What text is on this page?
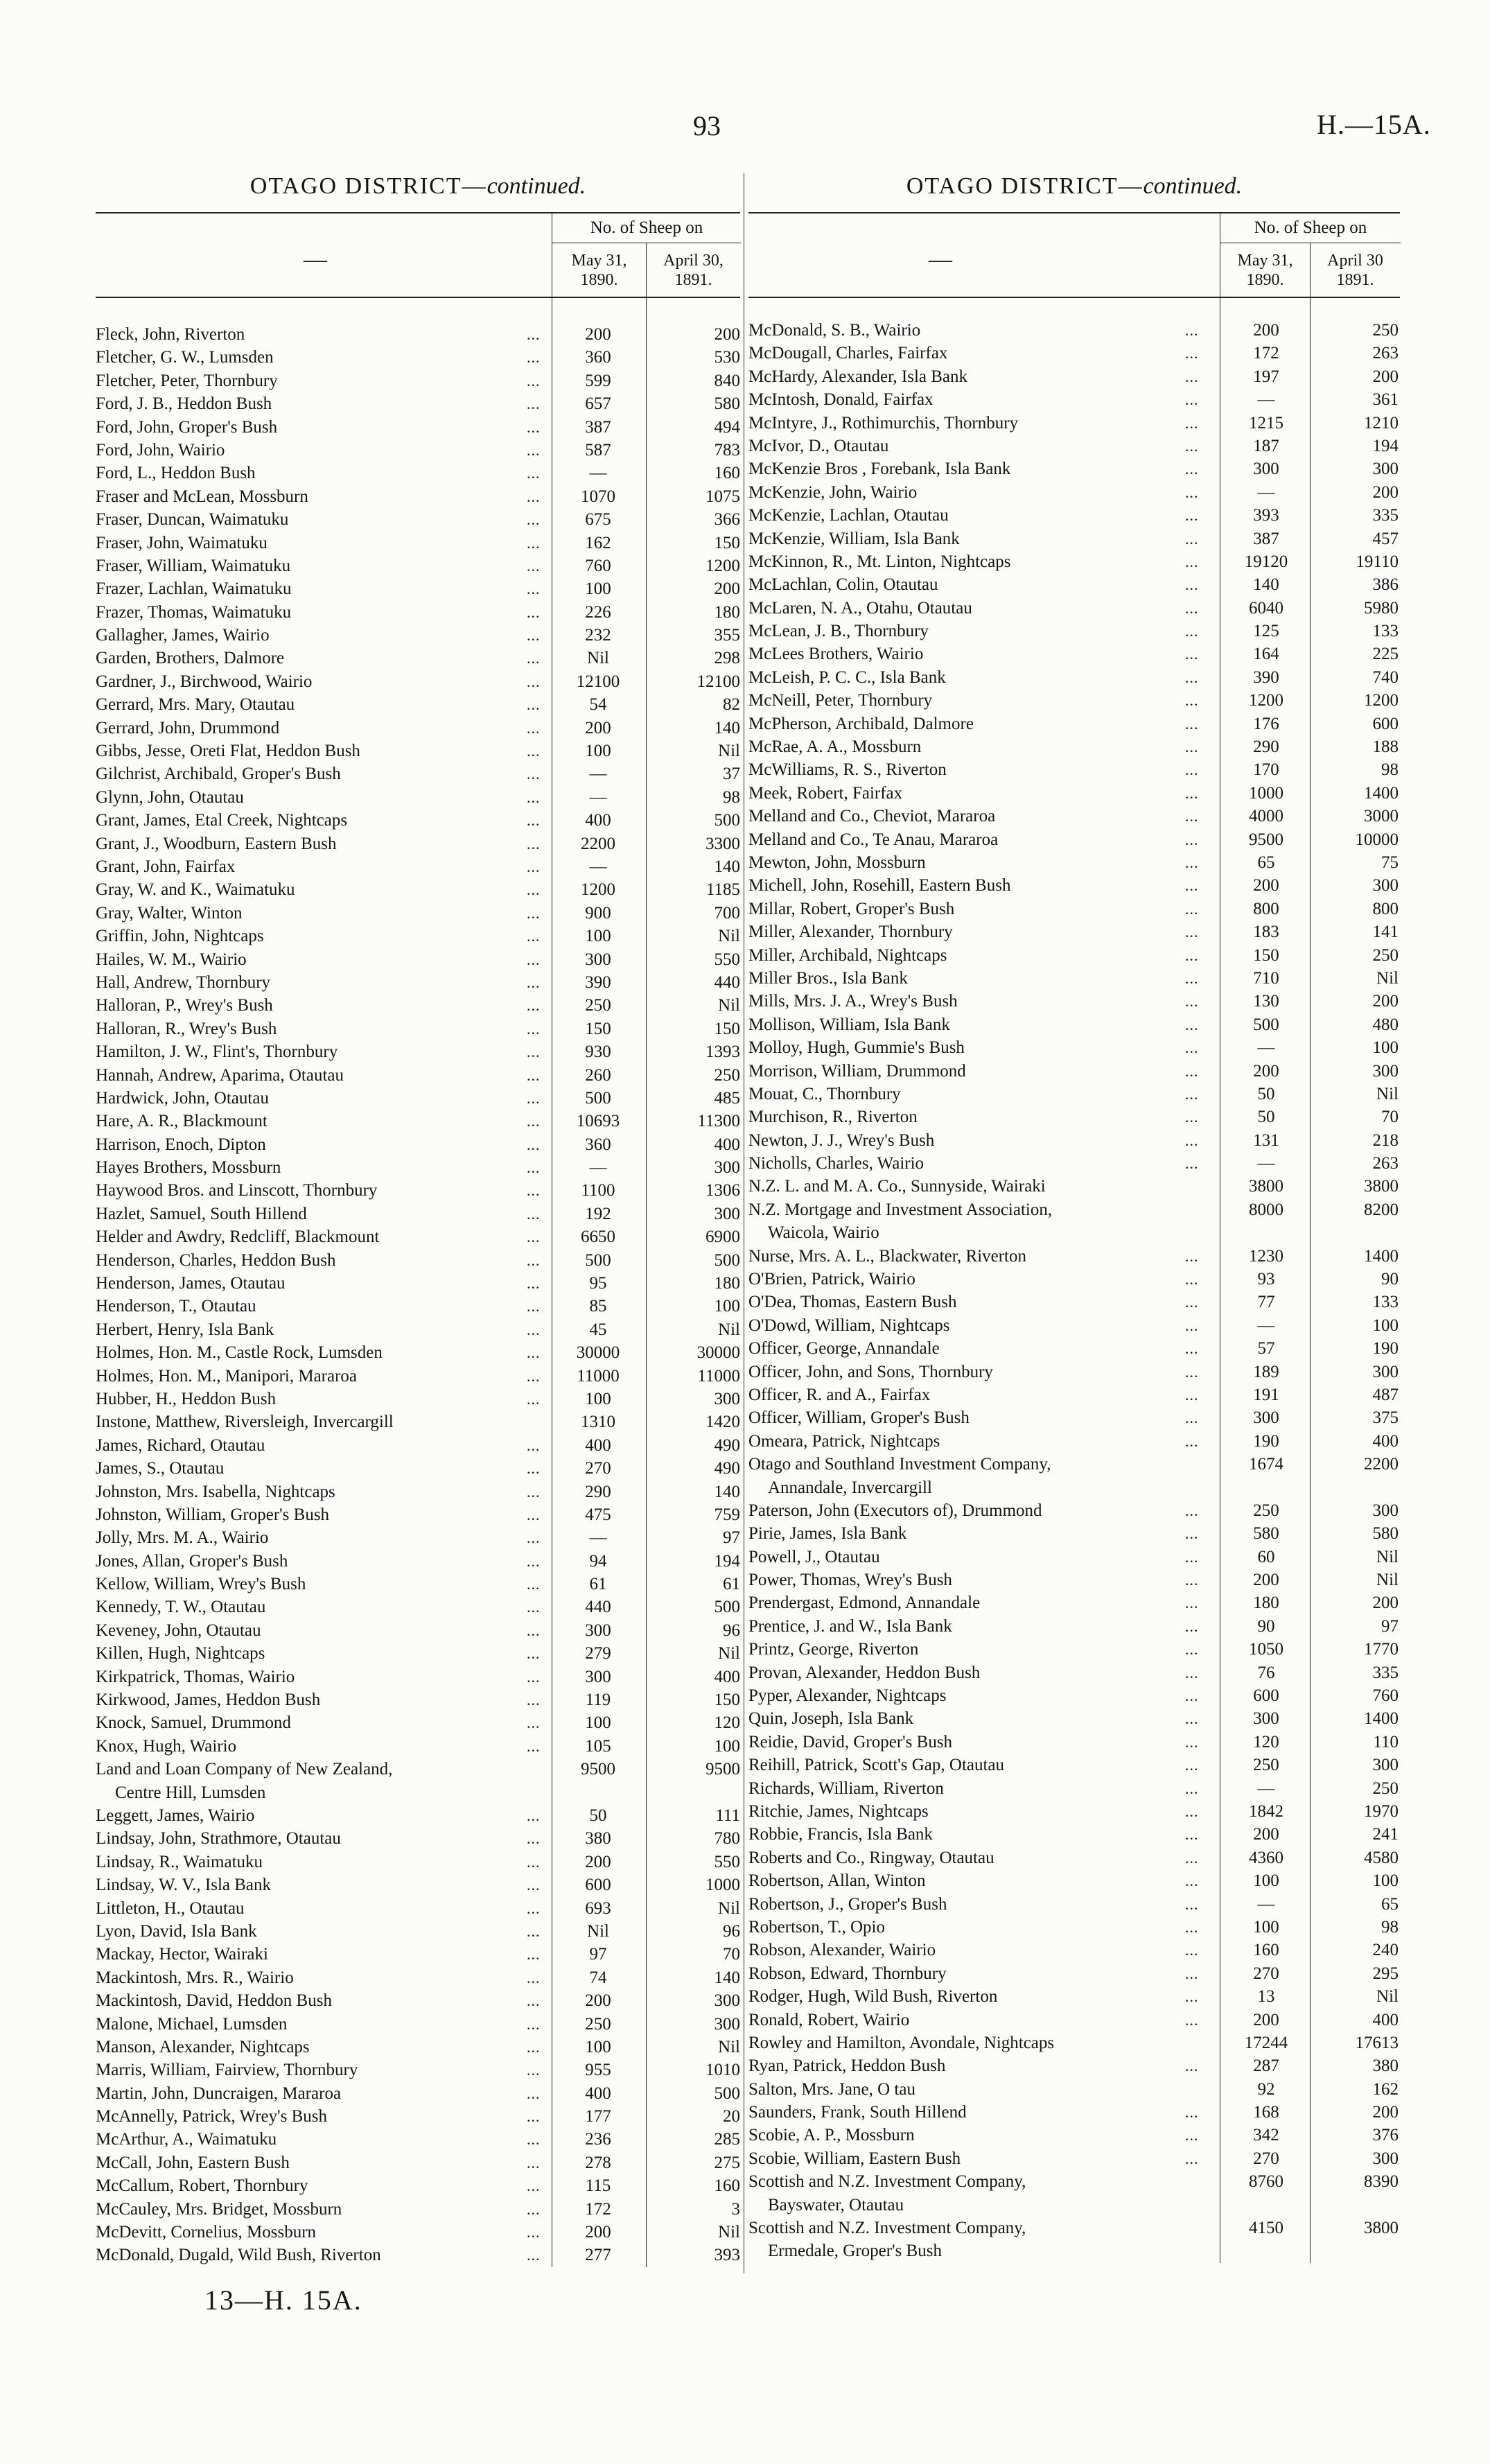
93	H.—15A.
OTAGO DISTRICT—continued.
—
No. of Sheep on
May 31,
1890.
April 30,
1891.
Fleck, John, Riverton	...	200	200
Fletcher, G. W., Lumsden	...	360	530
Fletcher, Peter, Thornbury	...	599	840
Ford, J. B., Heddon Bush	...	657	580
Ford, John, Groper's Bush	...	387	494
Ford, John, Wairio	...	587	783
Ford, L., Heddon Bush	...	—	160
Fraser and McLean, Mossburn	...	1070	1075
Fraser, Duncan, Waimatuku	...	675	366
Fraser, John, Waimatuku	...	162	150
Fraser, William, Waimatuku	...	760	1200
Frazer, Lachlan, Waimatuku	...	100	200
Frazer, Thomas, Waimatuku	...	226	180
Gallagher, James, Wairio	...	232	355
Garden, Brothers, Dalmore	...	Nil	298
Gardner, J., Birchwood, Wairio	...	12100	12100
Gerrard, Mrs. Mary, Otautau	...	54	82
Gerrard, John, Drummond	...	200	140
Gibbs, Jesse, Oreti Flat, Heddon Bush	...	100	Nil
Gilchrist, Archibald, Groper's Bush	...	—	37
Glynn, John, Otautau	...	—	98
Grant, James, Etal Creek, Nightcaps	...	400	500
Grant, J., Woodburn, Eastern Bush	...	2200	3300
Grant, John, Fairfax	...	—	140
Gray, W. and K., Waimatuku	...	1200	1185
Gray, Walter, Winton	...	900	700
Griffin, John, Nightcaps	...	100	Nil
Hailes, W. M., Wairio	...	300	550
Hall, Andrew, Thornbury	...	390	440
Halloran, P., Wrey's Bush	...	250	Nil
Halloran, R., Wrey's Bush	...	150	150
Hamilton, J. W., Flint's, Thornbury	...	930	1393
Hannah, Andrew, Aparima, Otautau	...	260	250
Hardwick, John, Otautau	...	500	485
Hare, A. R., Blackmount	...	10693	11300
Harrison, Enoch, Dipton	...	360	400
Hayes Brothers, Mossburn	...	—	300
Haywood Bros. and Linscott, Thornbury	...	1100	1306
Hazlet, Samuel, South Hillend	...	192	300
Helder and Awdry, Redcliff, Blackmount	...	6650	6900
Henderson, Charles, Heddon Bush	...	500	500
Henderson, James, Otautau	...	95	180
Henderson, T., Otautau	...	85	100
Herbert, Henry, Isla Bank	...	45	Nil
Holmes, Hon. M., Castle Rock, Lumsden	...	30000	30000
Holmes, Hon. M., Manipori, Mararoa	...	11000	11000
Hubber, H., Heddon Bush	...	100	300
Instone, Matthew, Riversleigh, Invercargill	1310	1420
James, Richard, Otautau	...	400	490
James, S., Otautau	...	270	490
Johnston, Mrs. Isabella, Nightcaps	...	290	140
Johnston, William, Groper's Bush	...	475	759
Jolly, Mrs. M. A., Wairio	...	—	97
Jones, Allan, Groper's Bush	...	94	194
Kellow, William, Wrey's Bush	...	61	61
Kennedy, T. W., Otautau	...	440	500
Keveney, John, Otautau	...	300	96
Killen, Hugh, Nightcaps	...	279	Nil
Kirkpatrick, Thomas, Wairio	...	300	400
Kirkwood, James, Heddon Bush	...	119	150
Knock, Samuel, Drummond	...	100	120
Knox, Hugh, Wairio	...	105	100
Land and Loan Company of New Zealand,	9500	9500
Centre Hill, Lumsden
Leggett, James, Wairio	...	50	111
Lindsay, John, Strathmore, Otautau	...	380	780
Lindsay, R., Waimatuku	...	200	550
Lindsay, W. V., Isla Bank	...	600	1000
Littleton, H., Otautau	...	693	Nil
Lyon, David, Isla Bank	...	Nil	96
Mackay, Hector, Wairaki	...	97	70
Mackintosh, Mrs. R., Wairio	...	74	140
Mackintosh, David, Heddon Bush	...	200	300
Malone, Michael, Lumsden	...	250	300
Manson, Alexander, Nightcaps	...	100	Nil
Marris, William, Fairview, Thornbury	...	955	1010
Martin, John, Duncraigen, Mararoa	...	400	500
McAnnelly, Patrick, Wrey's Bush	...	177	20
McArthur, A., Waimatuku	...	236	285
McCall, John, Eastern Bush	...	278	275
McCallum, Robert, Thornbury	...	115	160
McCauley, Mrs. Bridget, Mossburn	...	172	3
McDevitt, Cornelius, Mossburn	...	200	Nil
McDonald, Dugald, Wild Bush, Riverton	...	277	393
OTAGO DISTRICT—continued.
—
No. of Sheep on
May 31,
1890.
April 30
1891.
McDonald, S. B., Wairio	...	200	250
McDougall, Charles, Fairfax	...	172	263
McHardy, Alexander, Isla Bank	...	197	200
McIntosh, Donald, Fairfax	...	—	361
McIntyre, J., Rothimurchis, Thornbury	...	1215	1210
McIvor, D., Otautau	...	187	194
McKenzie Bros , Forebank, Isla Bank	...	300	300
McKenzie, John, Wairio	...	—	200
McKenzie, Lachlan, Otautau	...	393	335
McKenzie, William, Isla Bank	...	387	457
McKinnon, R., Mt. Linton, Nightcaps	...	19120	19110
McLachlan, Colin, Otautau	...	140	386
McLaren, N. A., Otahu, Otautau	...	6040	5980
McLean, J. B., Thornbury	...	125	133
McLees Brothers, Wairio	...	164	225
McLeish, P. C. C., Isla Bank	...	390	740
McNeill, Peter, Thornbury	...	1200	1200
McPherson, Archibald, Dalmore	...	176	600
McRae, A. A., Mossburn	...	290	188
McWilliams, R. S., Riverton	...	170	98
Meek, Robert, Fairfax	...	1000	1400
Melland and Co., Cheviot, Mararoa	...	4000	3000
Melland and Co., Te Anau, Mararoa	...	9500	10000
Mewton, John, Mossburn	...	65	75
Michell, John, Rosehill, Eastern Bush	...	200	300
Millar, Robert, Groper's Bush	...	800	800
Miller, Alexander, Thornbury	...	183	141
Miller, Archibald, Nightcaps	...	150	250
Miller Bros., Isla Bank	...	710	Nil
Mills, Mrs. J. A., Wrey's Bush	...	130	200
Mollison, William, Isla Bank	...	500	480
Molloy, Hugh, Gummie's Bush	...	—	100
Morrison, William, Drummond	...	200	300
Mouat, C., Thornbury	...	50	Nil
Murchison, R., Riverton	...	50	70
Newton, J. J., Wrey's Bush	...	131	218
Nicholls, Charles, Wairio	...	—	263
N.Z. L. and M. A. Co., Sunnyside, Wairaki	3800	3800
N.Z. Mortgage and Investment Association,	8000	8200
Waicola, Wairio
Nurse, Mrs. A. L., Blackwater, Riverton	...	1230	1400
O'Brien, Patrick, Wairio	...	93	90
O'Dea, Thomas, Eastern Bush	...	77	133
O'Dowd, William, Nightcaps	...	—	100
Officer, George, Annandale	...	57	190
Officer, John, and Sons, Thornbury	...	189	300
Officer, R. and A., Fairfax	...	191	487
Officer, William, Groper's Bush	...	300	375
Omeara, Patrick, Nightcaps	...	190	400
Otago and Southland Investment Company,	1674	2200
Annandale, Invercargill
Paterson, John (Executors of), Drummond	...	250	300
Pirie, James, Isla Bank	...	580	580
Powell, J., Otautau	...	60	Nil
Power, Thomas, Wrey's Bush	...	200	Nil
Prendergast, Edmond, Annandale	...	180	200
Prentice, J. and W., Isla Bank	...	90	97
Printz, George, Riverton	...	1050	1770
Provan, Alexander, Heddon Bush	...	76	335
Pyper, Alexander, Nightcaps	...	600	760
Quin, Joseph, Isla Bank	...	300	1400
Reidie, David, Groper's Bush	...	120	110
Reihill, Patrick, Scott's Gap, Otautau	...	250	300
Richards, William, Riverton	...	—	250
Ritchie, James, Nightcaps	...	1842	1970
Robbie, Francis, Isla Bank	...	200	241
Roberts and Co., Ringway, Otautau	...	4360	4580
Robertson, Allan, Winton	...	100	100
Robertson, J., Groper's Bush	...	—	65
Robertson, T., Opio	...	100	98
Robson, Alexander, Wairio	...	160	240
Robson, Edward, Thornbury	...	270	295
Rodger, Hugh, Wild Bush, Riverton	...	13	Nil
Ronald, Robert, Wairio	...	200	400
Rowley and Hamilton, Avondale, Nightcaps	17244	17613
Ryan, Patrick, Heddon Bush	...	287	380
Salton, Mrs. Jane, O tau	92	162
Saunders, Frank, South Hillend	...	168	200
Scobie, A. P., Mossburn	...	342	376
Scobie, William, Eastern Bush	...	270	300
Scottish and N.Z. Investment Company,	8760	8390
Bayswater, Otautau
Scottish and N.Z. Investment Company,	4150	3800
Ermedale, Groper's Bush
13—H. 15A.
